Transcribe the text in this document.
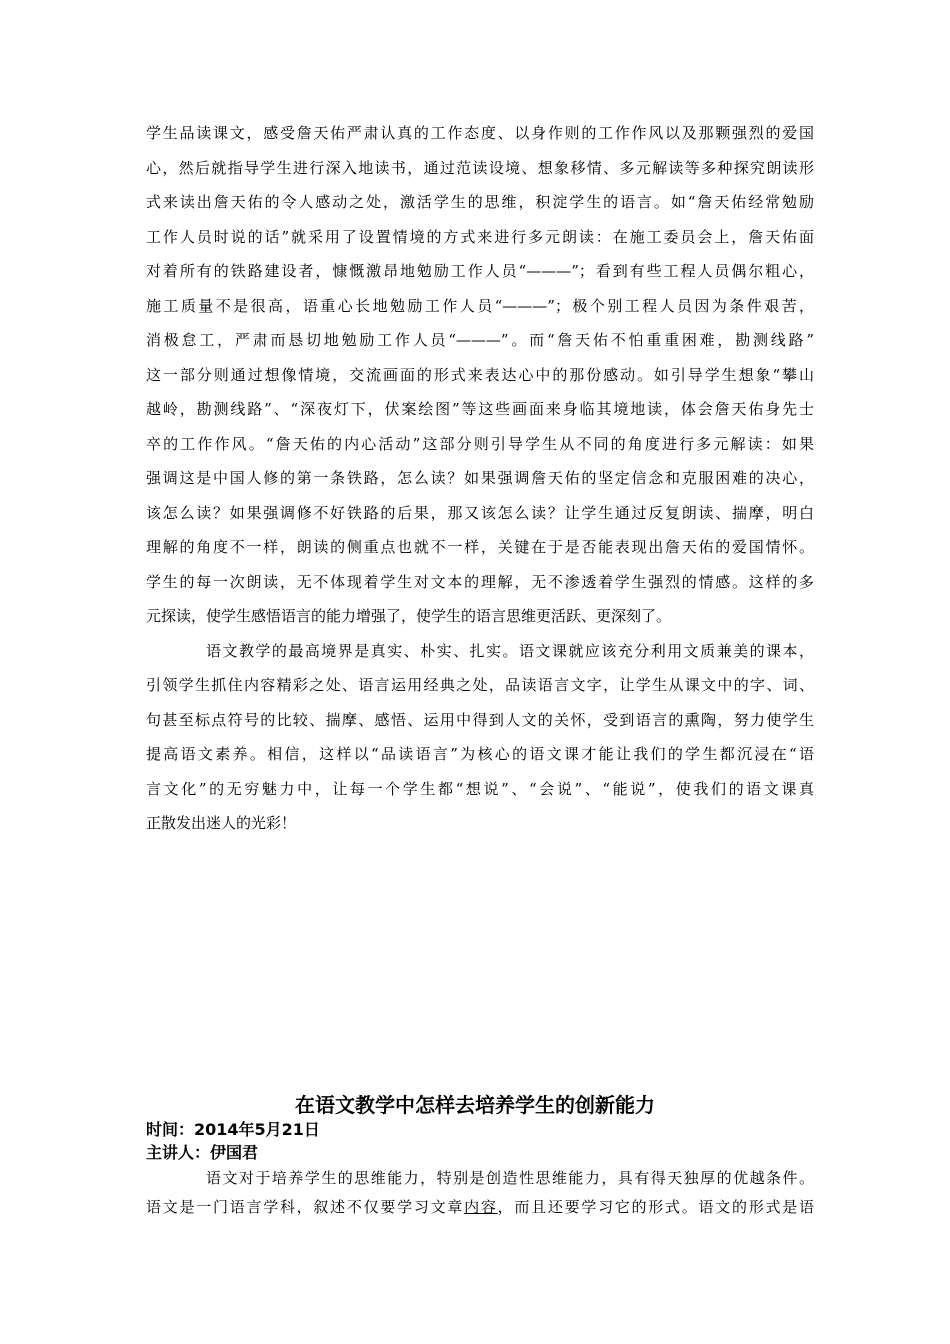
学生品读课文，感受詹天佑严肃认真的工作态度、以身作则的工作作风以及那颗强烈的爱国
心，然后就指导学生进行深入地读书，通过范读设境、想象移情、多元解读等多种探究朗读形
式来读出詹天佑的令人感动之处，激活学生的思维，积淀学生的语言。如“詹天佑经常勉励
工作人员时说的话”就采用了设置情境的方式来进行多元朗读：在施工委员会上，詹天佑面
对着所有的铁路建设者，慷慨激昂地勉励工作人员“———”；看到有些工程人员偶尔粗心，
施工质量不是很高，语重心长地勉励工作人员“———”；极个别工程人员因为条件艰苦，
消极怠工，严肃而恳切地勉励工作人员“———”。而“詹天佑不怕重重困难，勘测线路”
这一部分则通过想像情境，交流画面的形式来表达心中的那份感动。如引导学生想象“攀山
越岭，勘测线路”、“深夜灯下，伏案绘图”等这些画面来身临其境地读，体会詹天佑身先士
卒的工作作风。“詹天佑的内心活动”这部分则引导学生从不同的角度进行多元解读：如果
强调这是中国人修的第一条铁路，怎么读？如果强调詹天佑的坚定信念和克服困难的决心，
该怎么读？如果强调修不好铁路的后果，那又该怎么读？让学生通过反复朗读、揣摩，明白
理解的角度不一样，朗读的侧重点也就不一样，关键在于是否能表现出詹天佑的爱国情怀。
学生的每一次朗读，无不体现着学生对文本的理解，无不渗透着学生强烈的情感。这样的多
元探读，使学生感悟语言的能力增强了，使学生的语言思维更活跃、更深刻了。
语文教学的最高境界是真实、朴实、扎实。语文课就应该充分利用文质兼美的课本，
引领学生抓住内容精彩之处、语言运用经典之处，品读语言文字，让学生从课文中的字、词、
句甚至标点符号的比较、揣摩、感悟、运用中得到人文的关怀，受到语言的熏陶，努力使学生
提高语文素养。相信，这样以“品读语言”为核心的语文课才能让我们的学生都沉浸在“语
言文化”的无穷魅力中，让每一个学生都“想说”、“会说”、“能说”，使我们的语文课真
正散发出迷人的光彩！
在语文教学中怎样去培养学生的创新能力
时间：2014年5月21日
主讲人：伊国君
语文对于培养学生的思维能力，特别是创造性思维能力，具有得天独厚的优越条件。
语文是一门语言学科，叙述不仅要学习文章内容，而且还要学习它的形式。语文的形式是语
